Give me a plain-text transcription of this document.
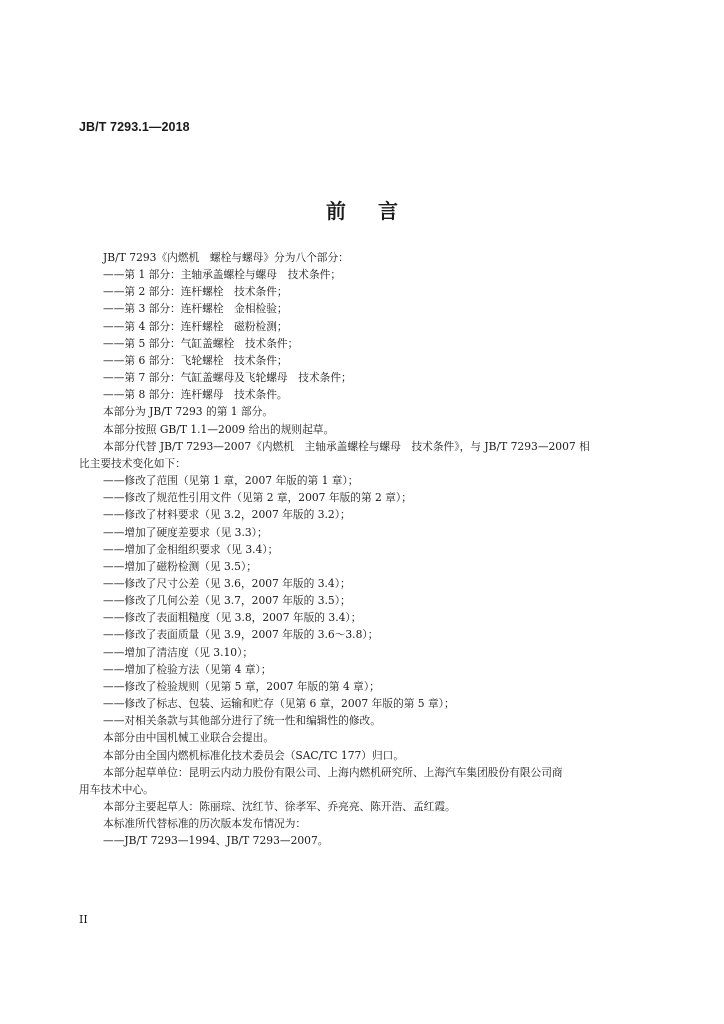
JB/T 7293.1—2018
前言

JB/T 7293《内燃机　螺栓与螺母》分为八个部分：

——第 1 部分：主轴承盖螺栓与螺母　技术条件；

——第 2 部分：连杆螺栓　技术条件；

——第 3 部分：连杆螺栓　金相检验；

——第 4 部分：连杆螺栓　磁粉检测；

——第 5 部分：气缸盖螺栓　技术条件；

——第 6 部分：飞轮螺栓　技术条件；

——第 7 部分：气缸盖螺母及飞轮螺母　技术条件；

——第 8 部分：连杆螺母　技术条件。

本部分为 JB/T 7293 的第 1 部分。

本部分按照 GB/T 1.1—2009 给出的规则起草。

本部分代替 JB/T 7293—2007《内燃机　主轴承盖螺栓与螺母　技术条件》，与 JB/T 7293—2007 相

比主要技术变化如下：

——修改了范围（见第 1 章，2007 年版的第 1 章）；

——修改了规范性引用文件（见第 2 章，2007 年版的第 2 章）；

——修改了材料要求（见 3.2，2007 年版的 3.2）；

——增加了硬度差要求（见 3.3）；

——增加了金相组织要求（见 3.4）；

——增加了磁粉检测（见 3.5）；

——修改了尺寸公差（见 3.6，2007 年版的 3.4）；

——修改了几何公差（见 3.7，2007 年版的 3.5）；

——修改了表面粗糙度（见 3.8，2007 年版的 3.4）；

——修改了表面质量（见 3.9，2007 年版的 3.6～3.8）；

——增加了清洁度（见 3.10）；

——增加了检验方法（见第 4 章）；

——修改了检验规则（见第 5 章，2007 年版的第 4 章）；

——修改了标志、包装、运输和贮存（见第 6 章，2007 年版的第 5 章）；

——对相关条款与其他部分进行了统一性和编辑性的修改。

本部分由中国机械工业联合会提出。

本部分由全国内燃机标准化技术委员会（SAC/TC 177）归口。

本部分起草单位：昆明云内动力股份有限公司、上海内燃机研究所、上海汽车集团股份有限公司商

用车技术中心。

本部分主要起草人：陈丽琮、沈红节、徐孝军、乔亮亮、陈开浩、孟红霞。

本标准所代替标准的历次版本发布情况为：

——JB/T 7293—1994、JB/T 7293—2007。

II
